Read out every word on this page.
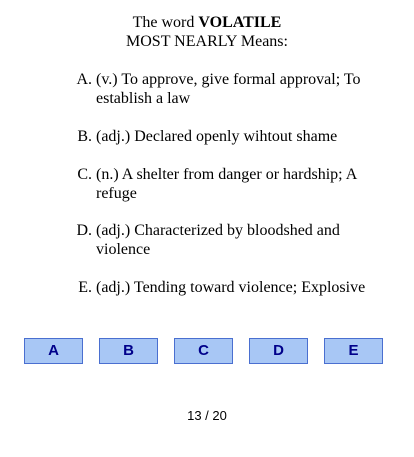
The word VOLATILE
MOST NEARLY Means:
A. (v.) To approve, give formal approval; To establish a law
B. (adj.) Declared openly wihtout shame
C. (n.) A shelter from danger or hardship; A refuge
D. (adj.) Characterized by bloodshed and violence
E. (adj.) Tending toward violence; Explosive
A	B	C	D	E
13 / 20
